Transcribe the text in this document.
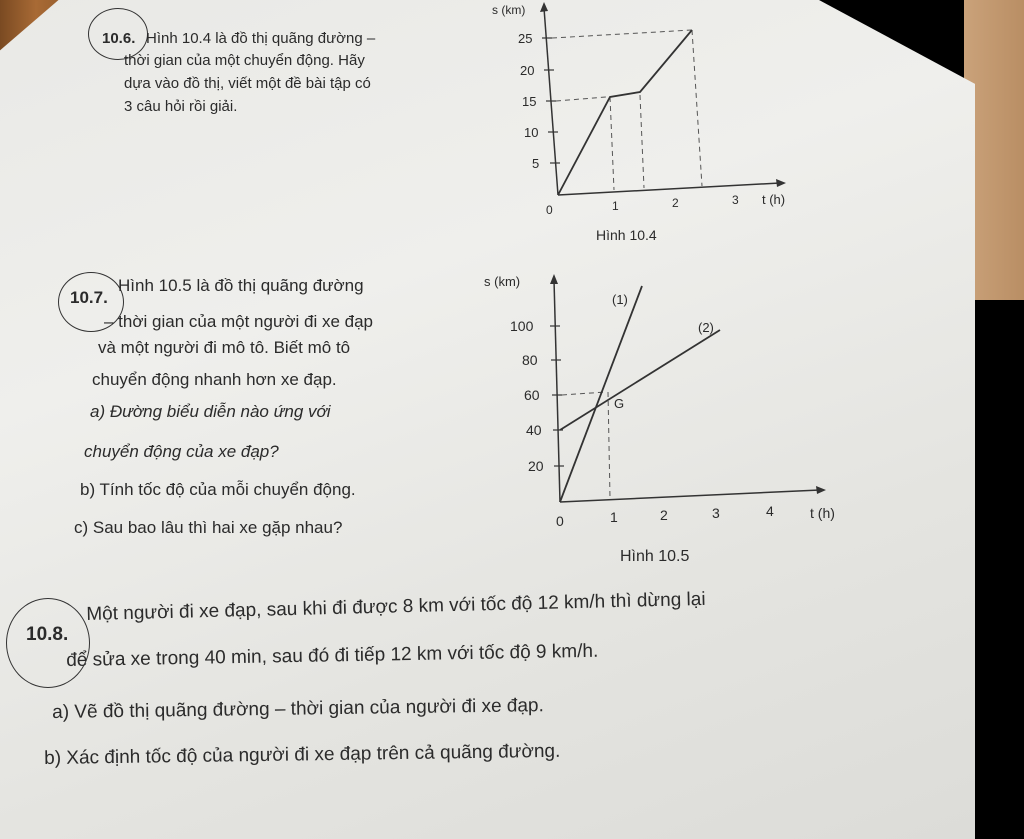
10.6. Hình 10.4 là đồ thị quãng đường –
thời gian của một chuyển động. Hãy
dựa vào đồ thị, viết một đề bài tập có
3 câu hỏi rồi giải.
s (km)
t (h)
5
10
15
20
25
0	1	2	3
Hình 10.4
10.7.
Hình 10.5 là đồ thị quãng đường
– thời gian của một người đi xe đạp
và một người đi mô tô. Biết mô tô
chuyển động nhanh hơn xe đạp.
a) Đường biểu diễn nào ứng với
chuyển động của xe đạp?
b) Tính tốc độ của mỗi chuyển động.
c) Sau bao lâu thì hai xe gặp nhau?
s (km)
t (h)
20
40
60
80
100
0	1	2	3	4
(1)
(2)
G
Hình 10.5
10.8.
Một người đi xe đạp, sau khi đi được 8 km với tốc độ 12 km/h thì dừng lại
để sửa xe trong 40 min, sau đó đi tiếp 12 km với tốc độ 9 km/h.
a) Vẽ đồ thị quãng đường – thời gian của người đi xe đạp.
b) Xác định tốc độ của người đi xe đạp trên cả quãng đường.
